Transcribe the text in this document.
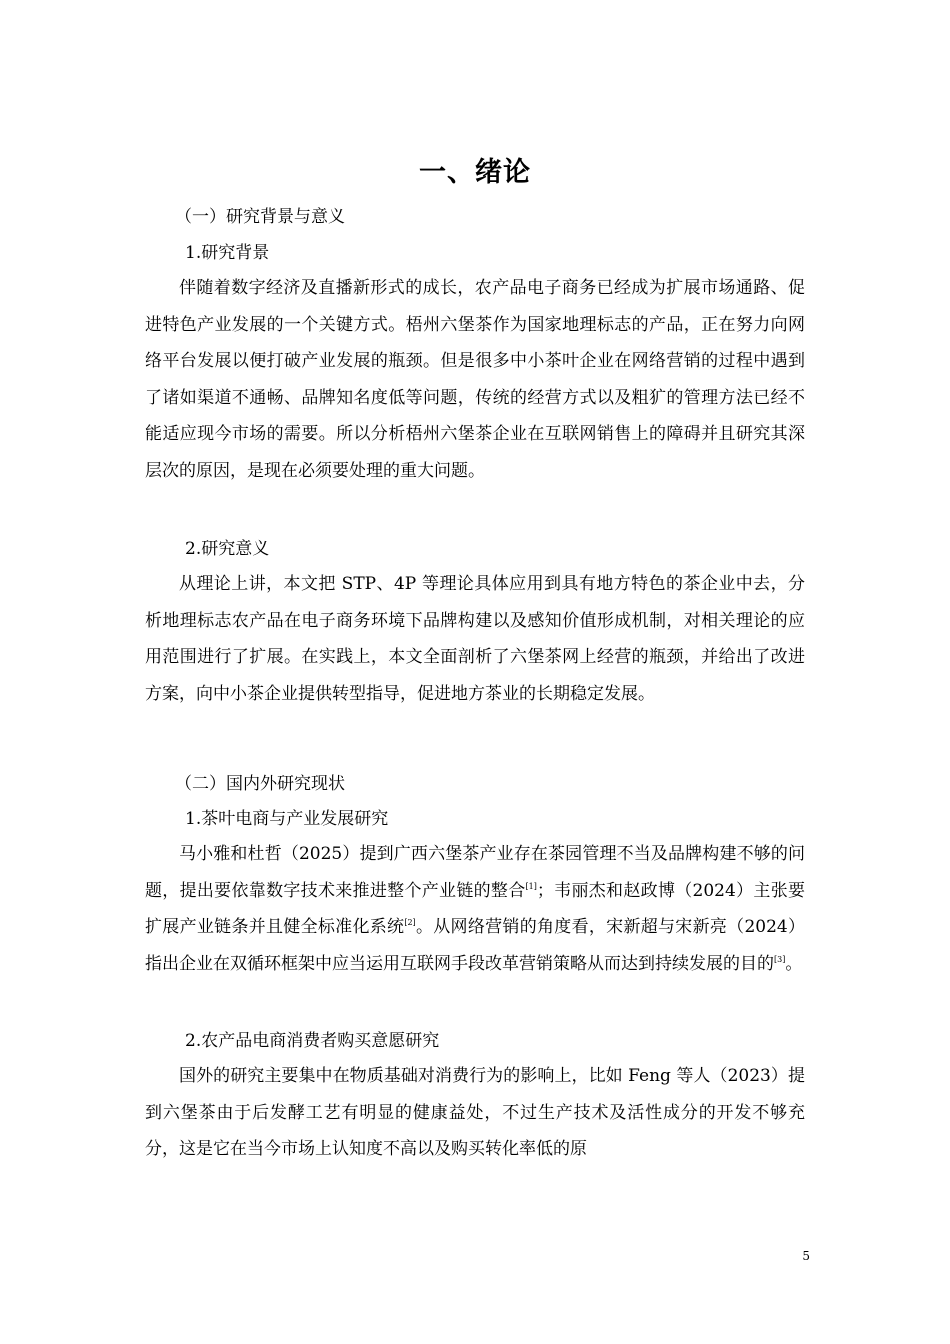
一、绪论
（一）研究背景与意义
1.研究背景
伴随着数字经济及直播新形式的成长，农产品电子商务已经成为扩展市场通路、促进特色产业发展的一个关键方式。梧州六堡茶作为国家地理标志的产品，正在努力向网络平台发展以便打破产业发展的瓶颈。但是很多中小茶叶企业在网络营销的过程中遇到了诸如渠道不通畅、品牌知名度低等问题，传统的经营方式以及粗犷的管理方法已经不能适应现今市场的需要。所以分析梧州六堡茶企业在互联网销售上的障碍并且研究其深层次的原因，是现在必须要处理的重大问题。
2.研究意义
从理论上讲，本文把 STP、4P 等理论具体应用到具有地方特色的茶企业中去，分析地理标志农产品在电子商务环境下品牌构建以及感知价值形成机制，对相关理论的应用范围进行了扩展。在实践上，本文全面剖析了六堡茶网上经营的瓶颈，并给出了改进方案，向中小茶企业提供转型指导，促进地方茶业的长期稳定发展。
（二）国内外研究现状
1.茶叶电商与产业发展研究
马小雅和杜哲（2025）提到广西六堡茶产业存在茶园管理不当及品牌构建不够的问题，提出要依靠数字技术来推进整个产业链的整合[1]；韦丽杰和赵政博（2024）主张要扩展产业链条并且健全标准化系统[2]。从网络营销的角度看，宋新超与宋新亮（2024）指出企业在双循环框架中应当运用互联网手段改革营销策略从而达到持续发展的目的[3]。
2.农产品电商消费者购买意愿研究
国外的研究主要集中在物质基础对消费行为的影响上，比如 Feng 等人（2023）提到六堡茶由于后发酵工艺有明显的健康益处，不过生产技术及活性成分的开发不够充分，这是它在当今市场上认知度不高以及购买转化率低的原
5
